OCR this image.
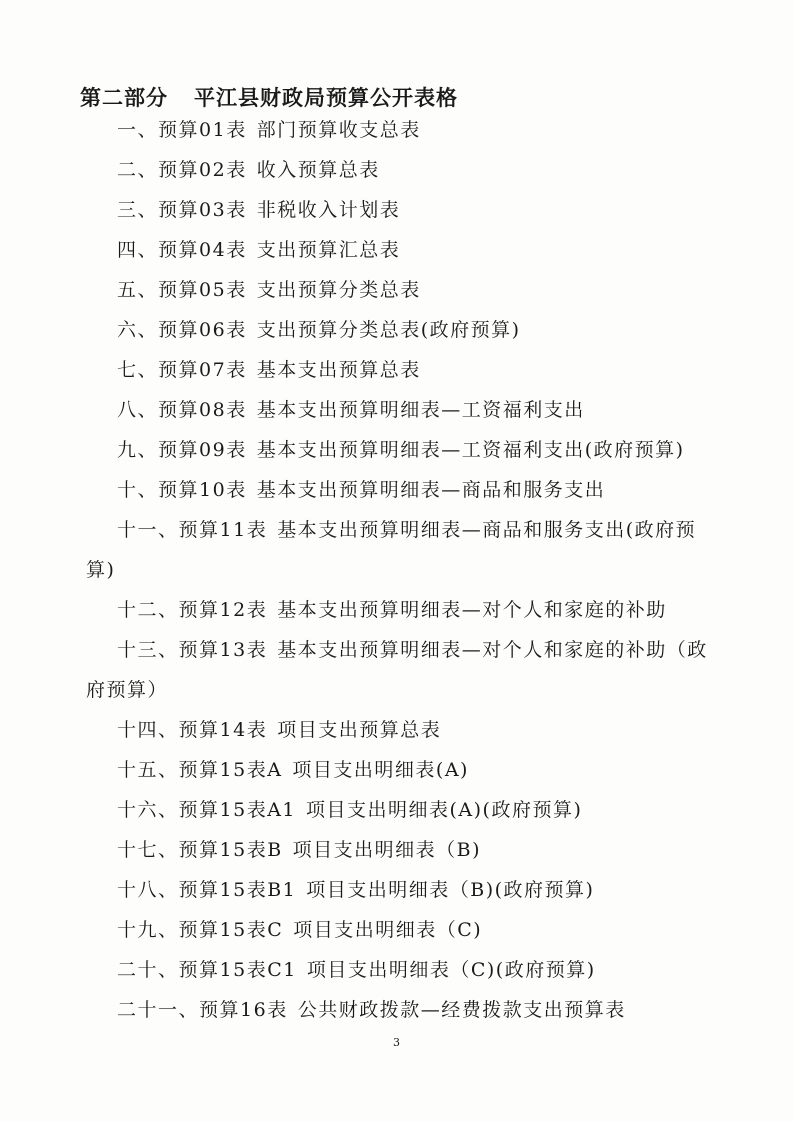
第二部分 平江县财政局预算公开表格
一、预算01表 部门预算收支总表
二、预算02表 收入预算总表
三、预算03表 非税收入计划表
四、预算04表 支出预算汇总表
五、预算05表 支出预算分类总表
六、预算06表 支出预算分类总表(政府预算)
七、预算07表 基本支出预算总表
八、预算08表 基本支出预算明细表—工资福利支出
九、预算09表 基本支出预算明细表—工资福利支出(政府预算)
十、预算10表 基本支出预算明细表—商品和服务支出
十一、预算11表 基本支出预算明细表—商品和服务支出(政府预
算)
十二、预算12表 基本支出预算明细表—对个人和家庭的补助
十三、预算13表 基本支出预算明细表—对个人和家庭的补助（政
府预算）
十四、预算14表 项目支出预算总表
十五、预算15表A 项目支出明细表(A)
十六、预算15表A1 项目支出明细表(A)(政府预算)
十七、预算15表B 项目支出明细表（B)
十八、预算15表B1 项目支出明细表（B)(政府预算)
十九、预算15表C 项目支出明细表（C)
二十、预算15表C1 项目支出明细表（C)(政府预算)
二十一、预算16表 公共财政拨款—经费拨款支出预算表
3
